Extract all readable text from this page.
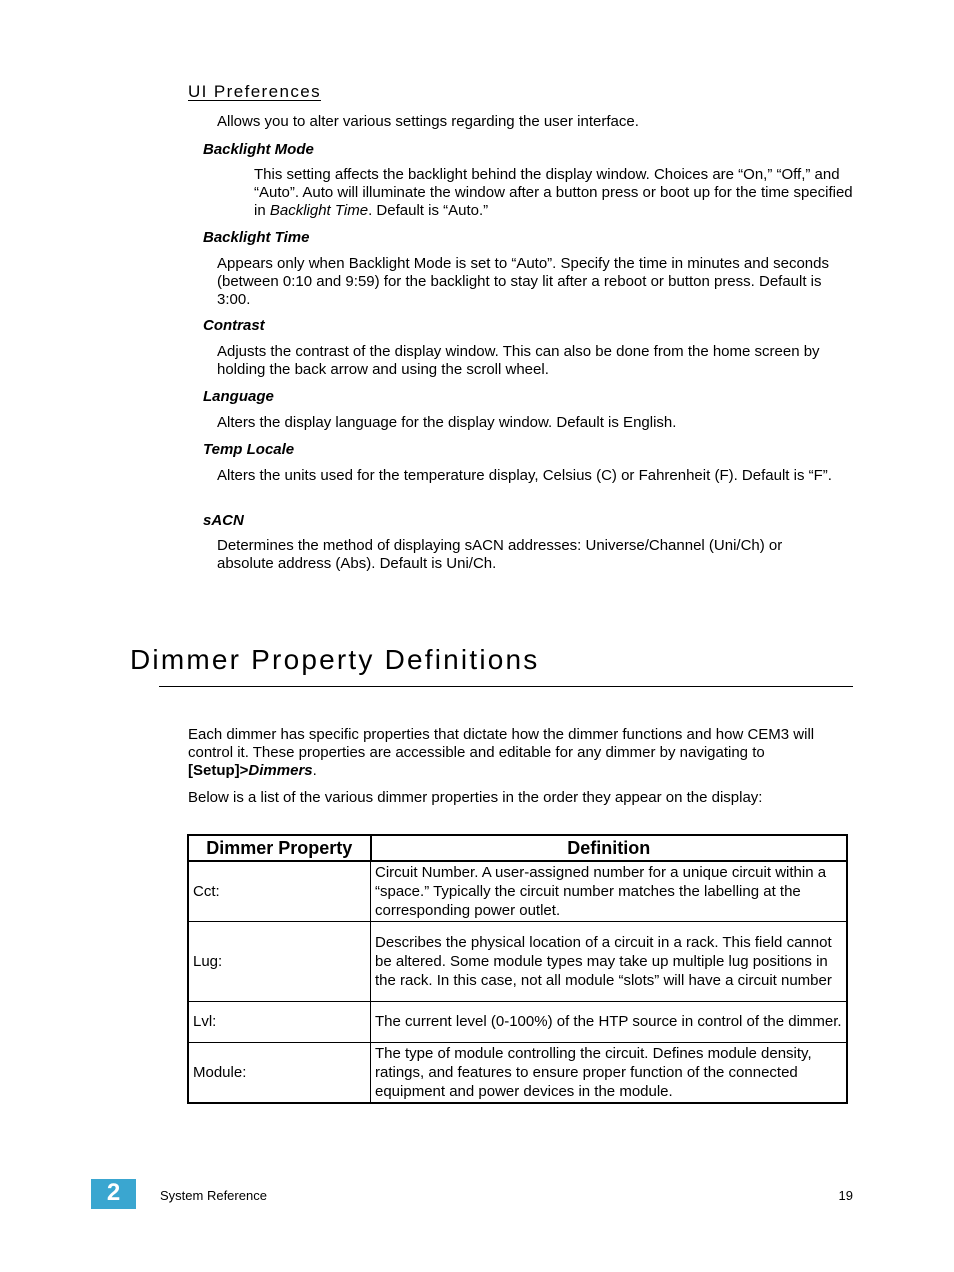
UI Preferences

Allows you to alter various settings regarding the user interface.

Backlight Mode

This setting affects the backlight behind the display window. Choices are “On,” “Off,” and “Auto”. Auto will illuminate the window after a button press or boot up for the time specified in Backlight Time. Default is “Auto.”

Backlight Time

Appears only when Backlight Mode is set to “Auto”. Specify the time in minutes and seconds (between 0:10 and 9:59) for the backlight to stay lit after a reboot or button press. Default is 3:00.

Contrast

Adjusts the contrast of the display window. This can also be done from the home screen by holding the back arrow and using the scroll wheel.

Language

Alters the display language for the display window. Default is English.

Temp Locale

Alters the units used for the temperature display, Celsius (C) or Fahrenheit (F). Default is “F”.

sACN

Determines the method of displaying sACN addresses: Universe/Channel (Uni/Ch) or absolute address (Abs). Default is Uni/Ch.

Dimmer Property Definitions

Each dimmer has specific properties that dictate how the dimmer functions and how CEM3 will control it. These properties are accessible and editable for any dimmer by navigating to [Setup]>Dimmers.

Below is a list of the various dimmer properties in the order they appear on the display:

Dimmer Property	Definition
Cct:	Circuit Number. A user-assigned number for a unique circuit within a “space.” Typically the circuit number matches the labelling at the corresponding power outlet.
Lug:	Describes the physical location of a circuit in a rack. This field cannot be altered. Some module types may take up multiple lug positions in the rack. In this case, not all module “slots” will have a circuit number
Lvl:	The current level (0-100%) of the HTP source in control of the dimmer.
Module:	The type of module controlling the circuit. Defines module density, ratings, and features to ensure proper function of the connected equipment and power devices in the module.
2	System Reference	19
